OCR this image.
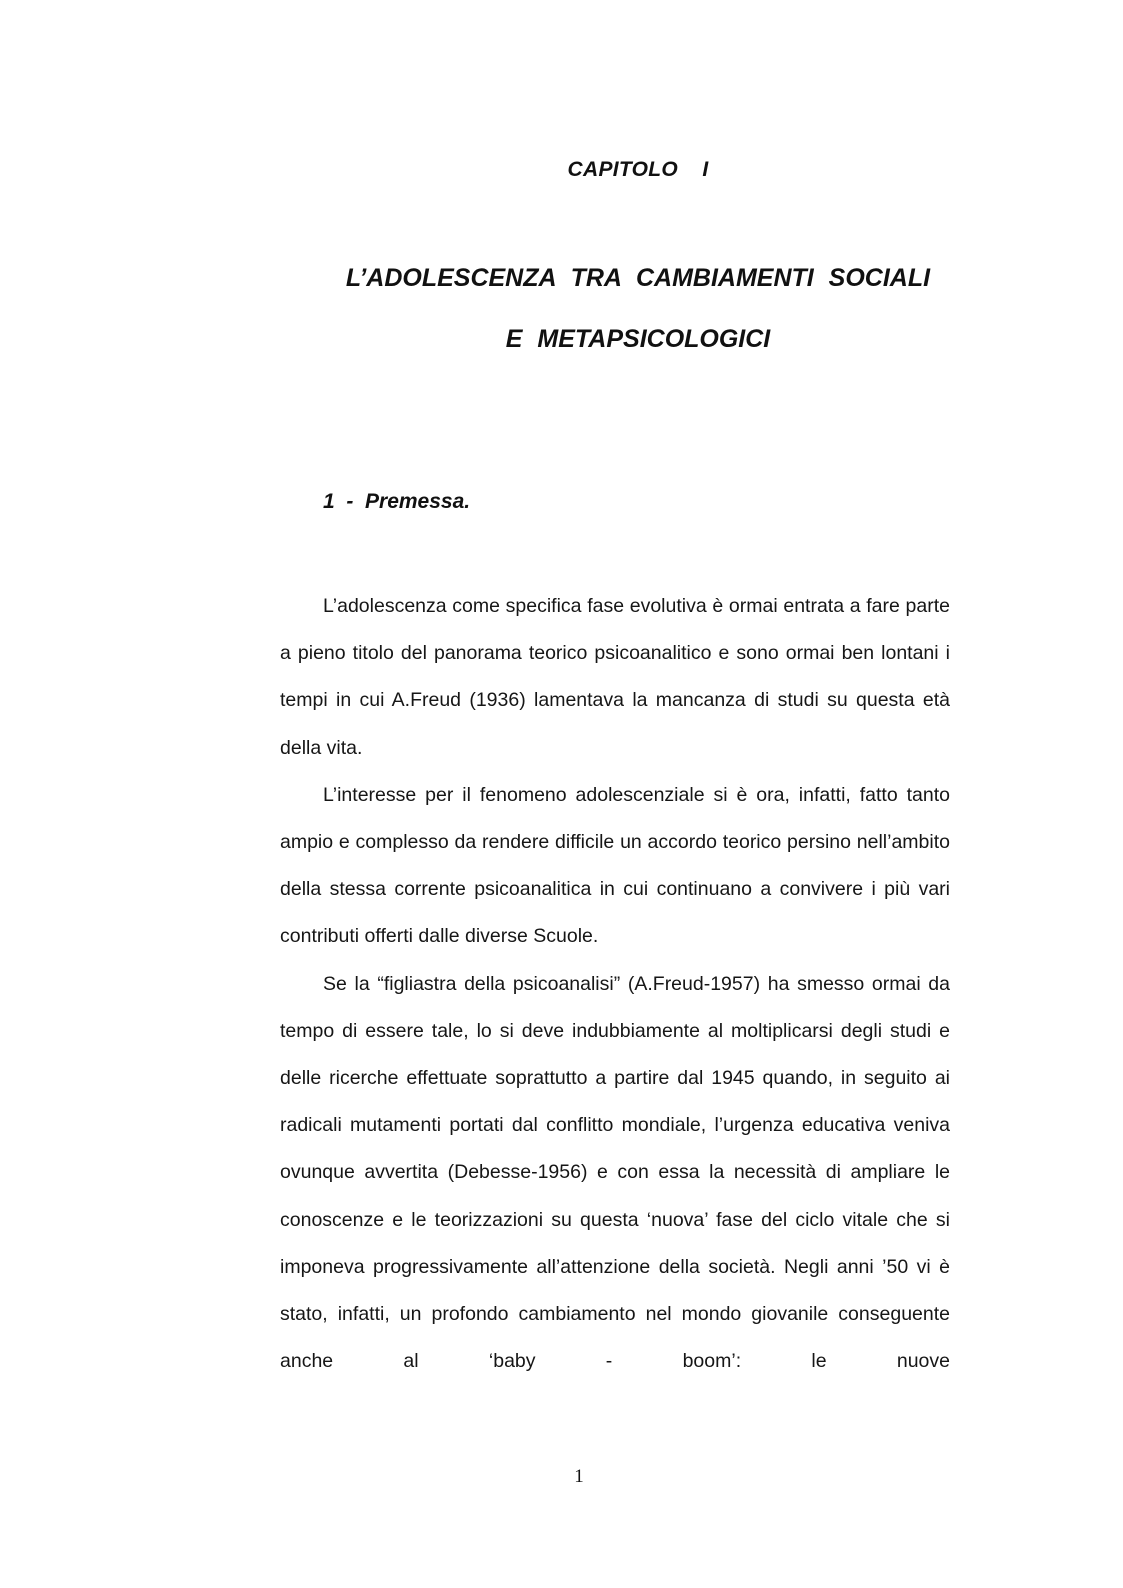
CAPITOLO  I
L’ADOLESCENZA TRA CAMBIAMENTI SOCIALI
E METAPSICOLOGICI
1  -  Premessa.

L’adolescenza come specifica fase evolutiva è ormai entrata a fare parte a pieno titolo del panorama teorico psicoanalitico e sono ormai ben lontani i tempi in cui A.Freud (1936) lamentava la mancanza di studi su questa età della vita.

L’interesse per il fenomeno adolescenziale si è ora, infatti, fatto tanto ampio e complesso da rendere difficile un accordo teorico persino nell’ambito della stessa corrente psicoanalitica in cui continuano a convivere i più vari contributi offerti dalle diverse Scuole.

Se la “figliastra della psicoanalisi” (A.Freud-1957) ha smesso ormai da tempo di essere tale, lo si deve indubbiamente al moltiplicarsi degli studi e delle ricerche effettuate soprattutto a partire dal 1945 quando, in seguito ai radicali mutamenti portati dal conflitto mondiale, l’urgenza educativa veniva ovunque avvertita (Debesse-1956) e con essa la necessità di ampliare le conoscenze e le teorizzazioni su questa ‘nuova’ fase del ciclo vitale che si imponeva progressivamente all’attenzione della società. Negli anni ’50 vi è stato, infatti, un profondo cambiamento nel mondo giovanile conseguente anche al ‘baby - boom’: le nuove

1
